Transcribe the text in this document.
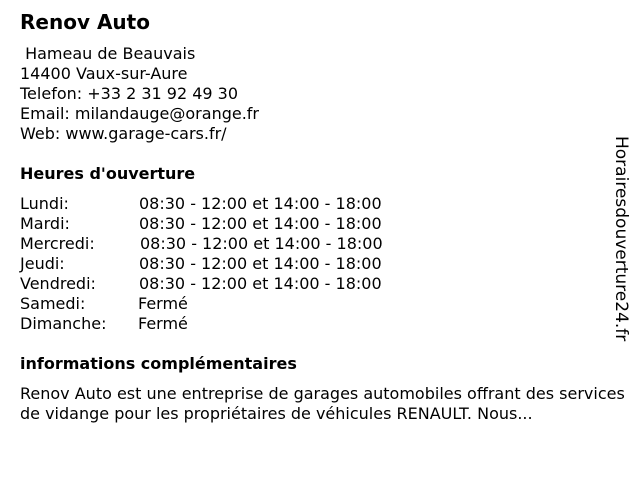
Renov Auto
Hameau de Beauvais
14400 Vaux-sur-Aure
Telefon: +33 2 31 92 49 30
Email: milandauge@orange.fr
Web: www.garage-cars.fr/
Heures d'ouverture
Lundi:	08:30 - 12:00 et 14:00 - 18:00
Mardi:	08:30 - 12:00 et 14:00 - 18:00
Mercredi:	08:30 - 12:00 et 14:00 - 18:00
Jeudi:	08:30 - 12:00 et 14:00 - 18:00
Vendredi:	08:30 - 12:00 et 14:00 - 18:00
Samedi:	Fermé
Dimanche: Fermé
informations complémentaires
Renov Auto est une entreprise de garages automobiles offrant des services de vidange pour les propriétaires de véhicules RENAULT. Nous...
Horairesdouverture24.fr
